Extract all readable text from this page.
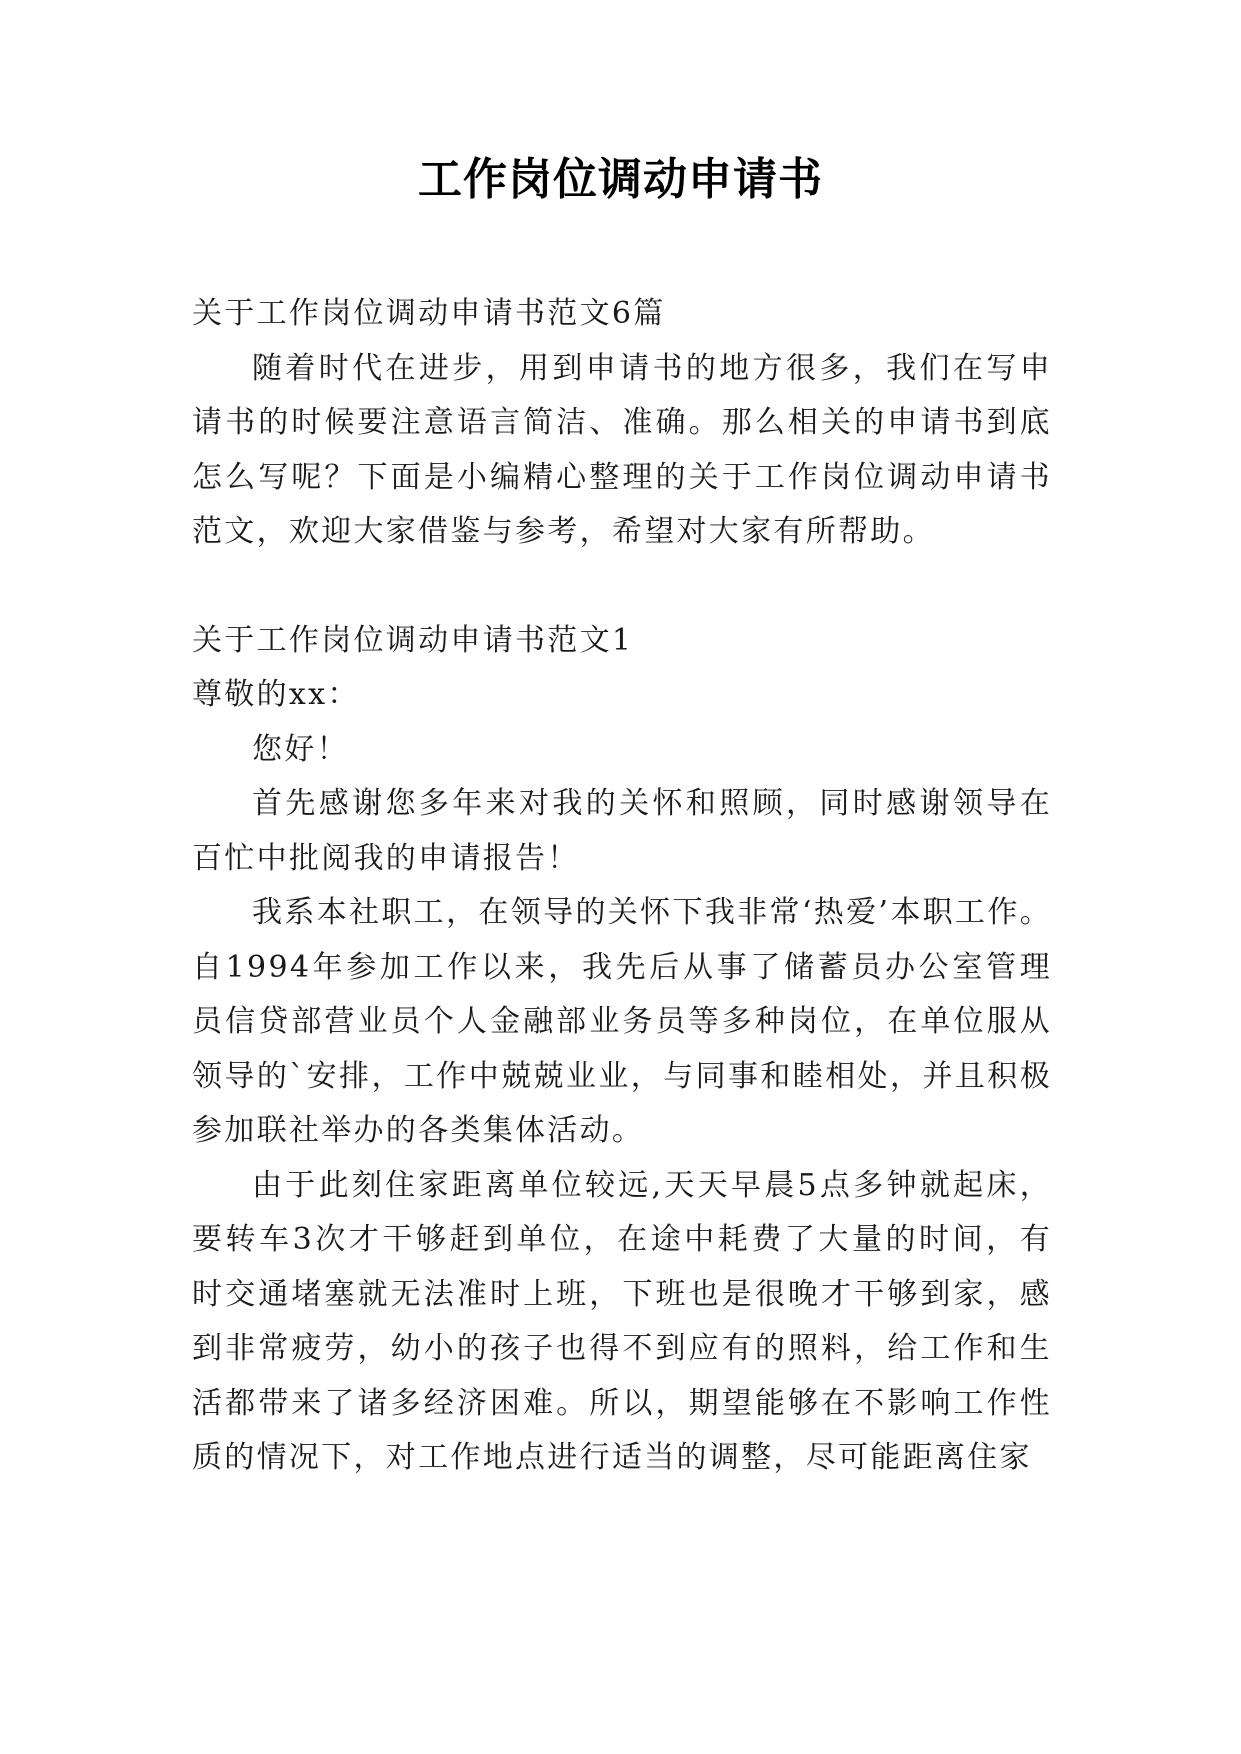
工作岗位调动申请书

关于工作岗位调动申请书范文6篇

随着时代在进步，用到申请书的地方很多，我们在写申请书的时候要注意语言简洁、准确。那么相关的申请书到底怎么写呢？下面是小编精心整理的关于工作岗位调动申请书范文，欢迎大家借鉴与参考，希望对大家有所帮助。

关于工作岗位调动申请书范文1

尊敬的xx：

您好！

首先感谢您多年来对我的关怀和照顾，同时感谢领导在百忙中批阅我的申请报告！

我系本社职工，在领导的关怀下我非常‘热爱’本职工作。自1994年参加工作以来，我先后从事了储蓄员办公室管理员信贷部营业员个人金融部业务员等多种岗位，在单位服从领导的`安排，工作中兢兢业业，与同事和睦相处，并且积极参加联社举办的各类集体活动。

由于此刻住家距离单位较远,天天早晨5点多钟就起床，要转车3次才干够赶到单位，在途中耗费了大量的时间，有时交通堵塞就无法准时上班，下班也是很晚才干够到家，感到非常疲劳，幼小的孩子也得不到应有的照料，给工作和生活都带来了诸多经济困难。所以，期望能够在不影响工作性质的情况下，对工作地点进行适当的调整，尽可能距离住家
